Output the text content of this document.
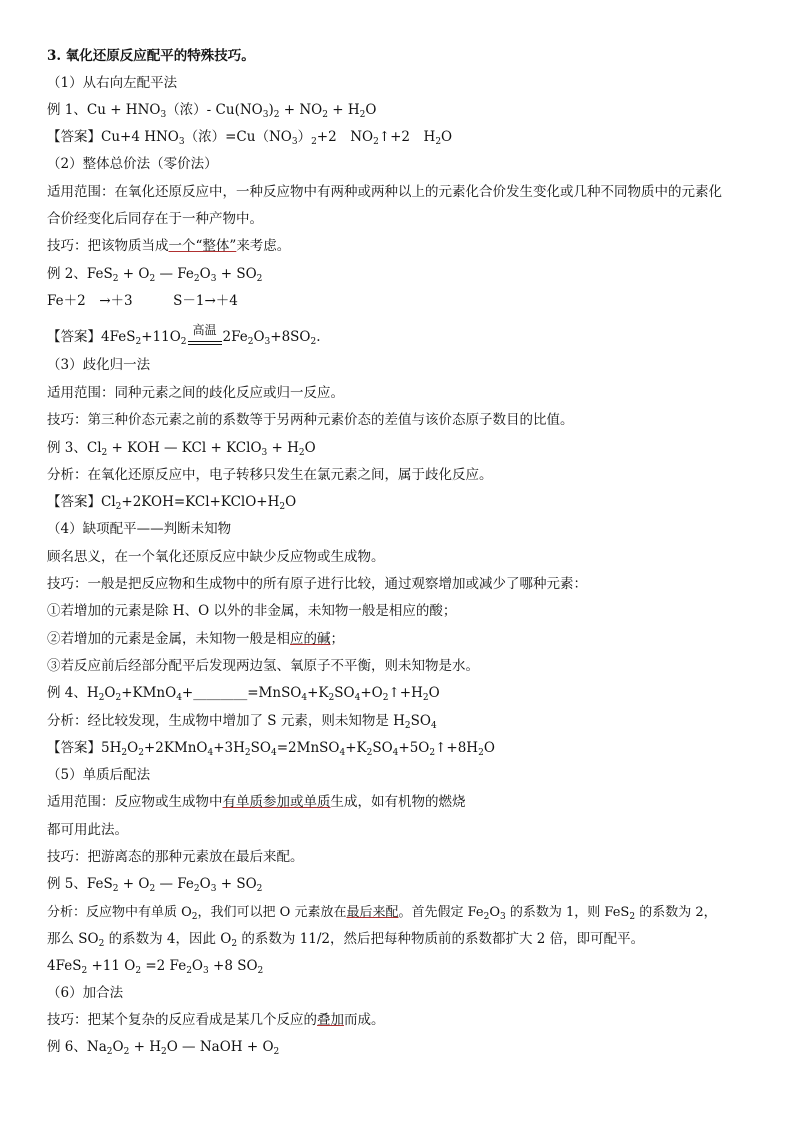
3. 氧化还原反应配平的特殊技巧。
（1）从右向左配平法
例 1、$Cu + HNO_3$（浓）- $Cu(NO_3)_2 + NO_2 + H_2O$
【答案】Cu+4 $HNO_3$（浓）$=Cu(NO_3)_2+2$　$NO_2↑+2$　$H_2O$
（2）整体总价法（零价法）
适用范围：在氧化还原反应中，一种反应物中有两种或两种以上的元素化合价发生变化或几种不同物质中的元素化
合价经变化后同存在于一种产物中。
技巧：把该物质当成一个“整体”来考虑。
例 2、$FeS_2 + O_2$ — $Fe_2O_3 + SO_2$
Fe＋2　→＋3　　　S－1→＋4
【答案】$4FeS_2+11O_2$
高温 $2Fe_2O_3+8SO_2$.
（3）歧化归一法
适用范围：同种元素之间的歧化反应或归一反应。
技巧：第三种价态元素之前的系数等于另两种元素价态的差值与该价态原子数目的比值。
例 3、$Cl_2$ + KOH — KCl + KClO$_3$ + $H_2O$
分析：在氧化还原反应中，电子转移只发生在氯元素之间，属于歧化反应。
【答案】$Cl_2+2KOH=KCl+KClO+H_2O$
（4）缺项配平——判断未知物
顾名思义，在一个氧化还原反应中缺少反应物或生成物。
技巧：一般是把反应物和生成物中的所有原子进行比较，通过观察增加或减少了哪种元素：
①若增加的元素是除 H、O 以外的非金属，未知物一般是相应的酸；
②若增加的元素是金属，未知物一般是相应的碱；
③若反应前后经部分配平后发现两边氢、氧原子不平衡，则未知物是水。
例 4、$H_2O_2+KMnO_4+\_\_\_\_\_\_\_\_=MnSO_4+K_2SO_4+O_2↑+H_2O$
分析：经比较发现，生成物中增加了 S 元素，则未知物是 $H_2SO_4$
【答案】$5H_2O_2+2KMnO_4+3H_2SO_4=2MnSO_4+K_2SO_4+5O_2↑+8H_2O$
（5）单质后配法
适用范围：反应物或生成物中有单质参加或单质生成，如有机物的燃烧
都可用此法。
技巧：把游离态的那种元素放在最后来配。
例 5、$FeS_2 + O_2$ — $Fe_2O_3 + SO_2$
分析：反应物中有单质 $O_2$，我们可以把 O 元素放在最后来配。首先假定 $Fe_2O_3$ 的系数为 1，则 FeS$_2$ 的系数为 2，
那么 $SO_2$ 的系数为 4，因此 $O_2$ 的系数为 11/2，然后把每种物质前的系数都扩大 2 倍，即可配平。
4FeS$_2$ +11 $O_2 =2$ $Fe_2O_3 +8$ $SO_2$
（6）加合法
技巧：把某个复杂的反应看成是某几个反应的叠加而成。
例 6、$Na_2O_2 + H_2O$ — NaOH + $O_2$
